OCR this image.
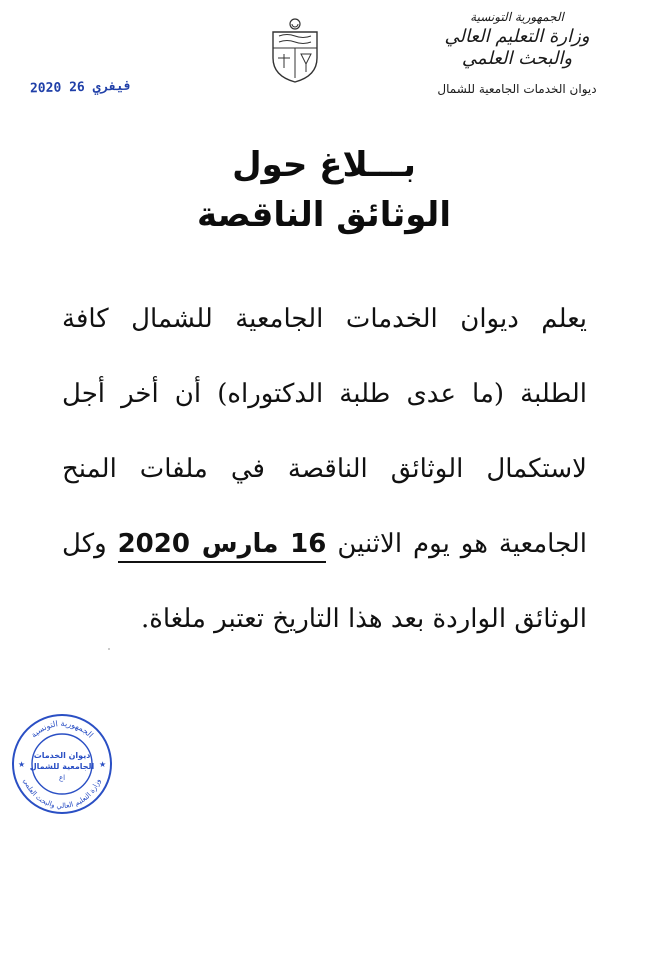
الجمهورية التونسية
وزارة التعليم العالي
والبحث العلمي
ديوان الخدمات الجامعية للشمال
2020 فيفري 26
بـــلاغ حول
الوثائق الناقصة
يعلم ديوان الخدمات الجامعية للشمال كافة الطلبة (ما عدى طلبة الدكتوراه) أن أخر أجل لاستكمال الوثائق الناقصة في ملفات المنح الجامعية هو يوم الاثنين 16 مارس 2020 وكل الوثائق الواردة بعد هذا التاريخ تعتبر ملغاة.
الجمهورية التونسية
وزارة التعليم العالي والبحث العلمي
★	★
ديوان الخدمات
الجامعية للشمال
اع
